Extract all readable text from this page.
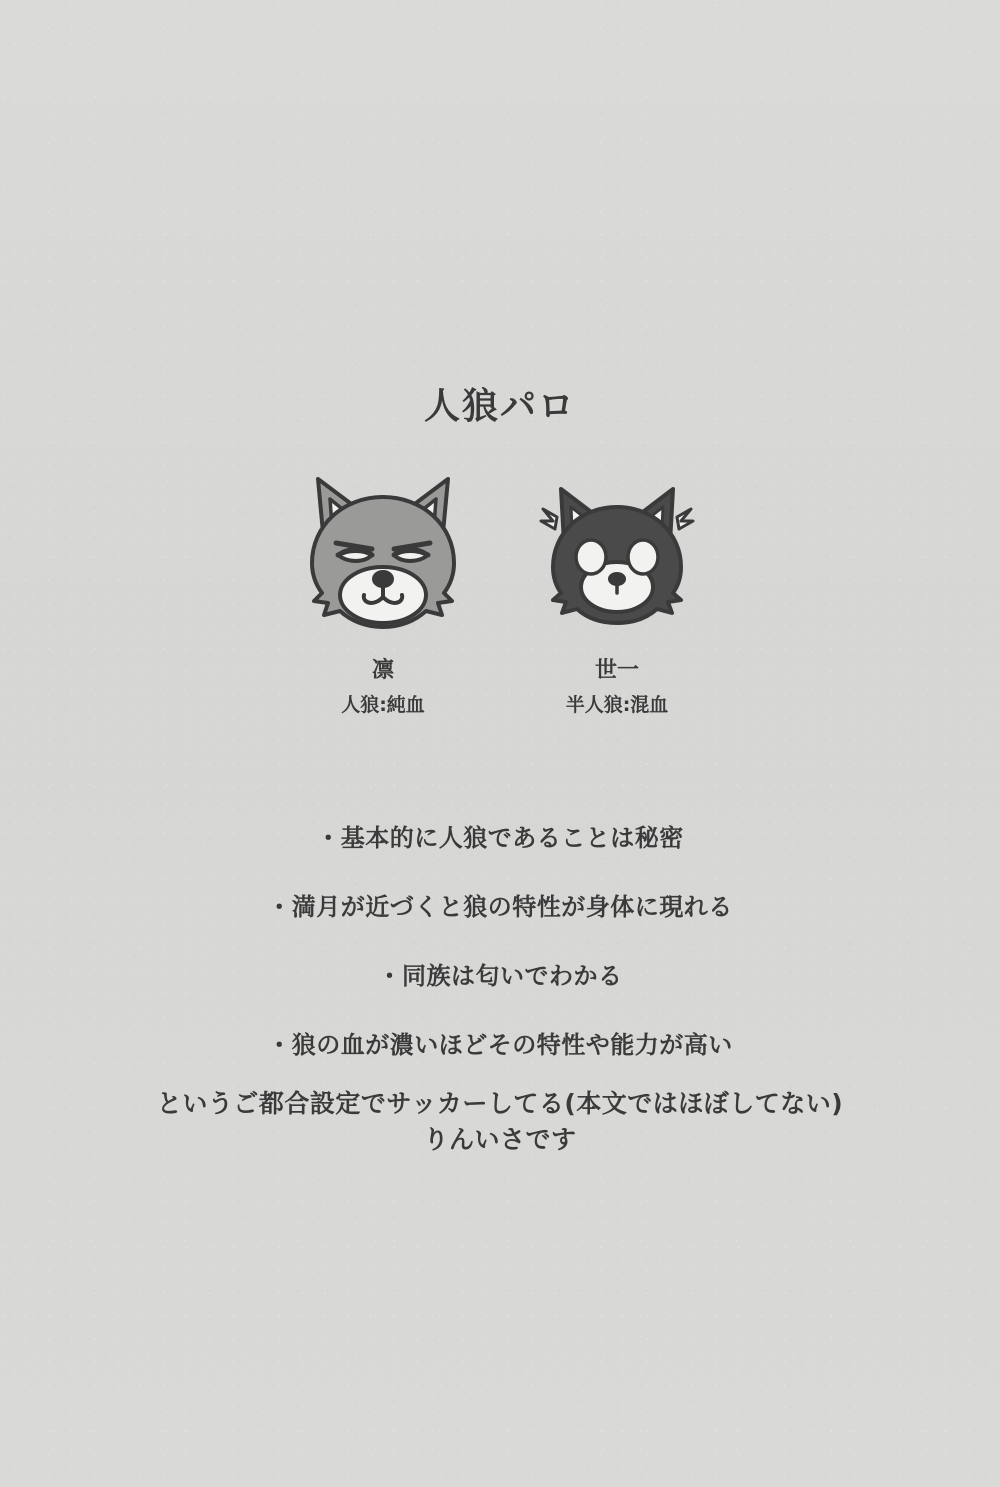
人狼パロ
凛
人狼:純血
世一
半人狼:混血
・基本的に人狼であることは秘密
・満月が近づくと狼の特性が身体に現れる
・同族は匂いでわかる
・狼の血が濃いほどその特性や能力が高い
というご都合設定でサッカーしてる(本文ではほぼしてない)
りんいさです
